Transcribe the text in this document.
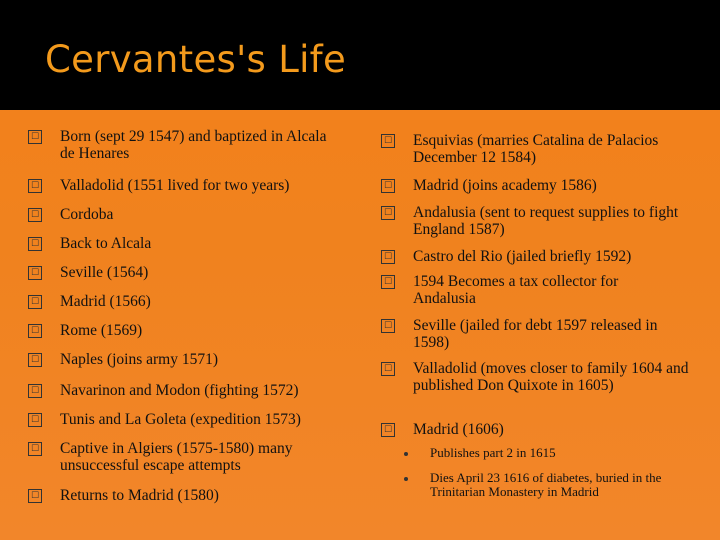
Cervantes's Life
☐ Born (sept 29 1547) and baptized in Alcala de Henares
☐ Valladolid (1551 lived for two years)
☐ Cordoba
☐ Back to Alcala
☐ Seville (1564)
☐ Madrid (1566)
☐ Rome (1569)
☐ Naples (joins army 1571)
☐ Navarinon and Modon (fighting 1572)
☐ Tunis and La Goleta (expedition 1573)
☐ Captive in Algiers (1575-1580) many unsuccessful escape attempts
☐ Returns to Madrid (1580)
☐ Esquivias (marries Catalina de Palacios December 12 1584)
☐ Madrid (joins academy 1586)
☐ Andalusia (sent to request supplies to fight England 1587)
☐ Castro del Rio (jailed briefly 1592)
☐ 1594 Becomes a tax collector for Andalusia
☐ Seville (jailed for debt 1597 released in 1598)
☐ Valladolid (moves closer to family 1604 and published Don Quixote in 1605)
☐ Madrid (1606)
Publishes part 2 in 1615
Dies April 23 1616 of diabetes, buried in the Trinitarian Monastery in Madrid
